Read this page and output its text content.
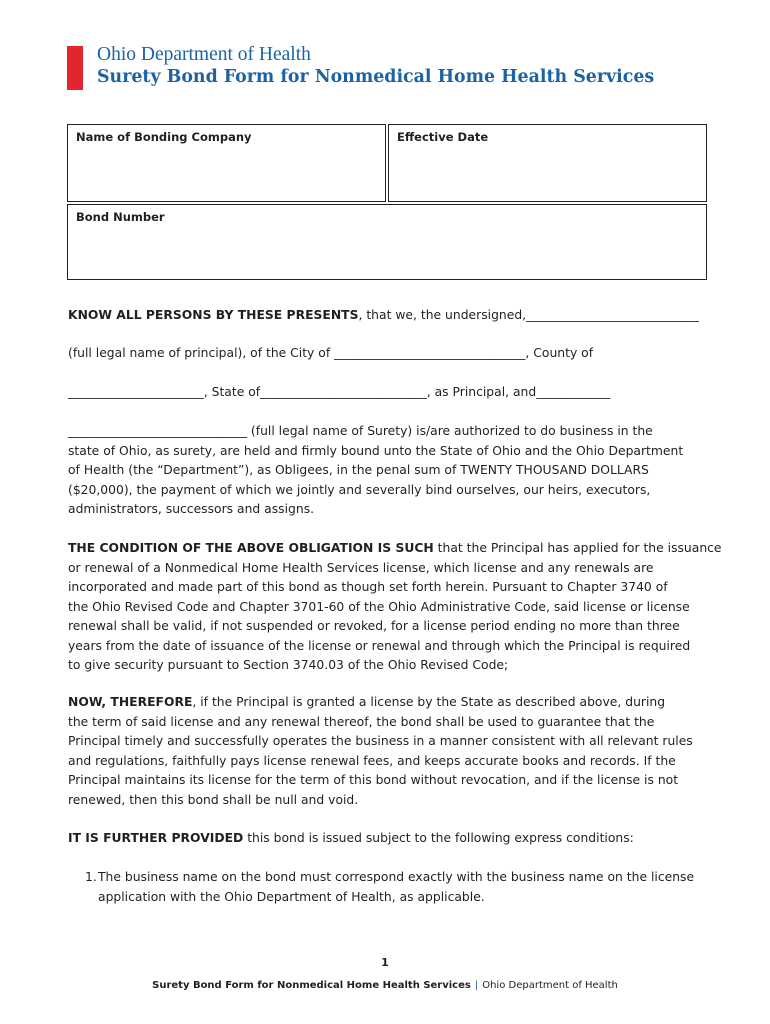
Ohio Department of Health
Surety Bond Form for Nonmedical Home Health Services
Name of Bonding Company	Effective Date
Bond Number

KNOW ALL PERSONS BY THESE PRESENTS, that we, the undersigned,____________________________

(full legal name of principal), of the City of _______________________________, County of

______________________, State of___________________________, as Principal, and____________

_____________________________ (full legal name of Surety) is/are authorized to do business in the

state of Ohio, as surety, are held and firmly bound unto the State of Ohio and the Ohio Department

of Health (the “Department”), as Obligees, in the penal sum of TWENTY THOUSAND DOLLARS

($20,000), the payment of which we jointly and severally bind ourselves, our heirs, executors,

administrators, successors and assigns.

THE CONDITION OF THE ABOVE OBLIGATION IS SUCH that the Principal has applied for the issuance

or renewal of a Nonmedical Home Health Services license, which license and any renewals are

incorporated and made part of this bond as though set forth herein. Pursuant to Chapter 3740 of

the Ohio Revised Code and Chapter 3701-60 of the Ohio Administrative Code, said license or license

renewal shall be valid, if not suspended or revoked, for a license period ending no more than three

years from the date of issuance of the license or renewal and through which the Principal is required

to give security pursuant to Section 3740.03 of the Ohio Revised Code;

NOW, THEREFORE, if the Principal is granted a license by the State as described above, during

the term of said license and any renewal thereof, the bond shall be used to guarantee that the

Principal timely and successfully operates the business in a manner consistent with all relevant rules

and regulations, faithfully pays license renewal fees, and keeps accurate books and records. If the

Principal maintains its license for the term of this bond without revocation, and if the license is not

renewed, then this bond shall be null and void.

IT IS FURTHER PROVIDED this bond is issued subject to the following express conditions:

1.The business name on the bond must correspond exactly with the business name on the license
application with the Ohio Department of Health, as applicable.
1
Surety Bond Form for Nonmedical Home Health Services | Ohio Department of Health
